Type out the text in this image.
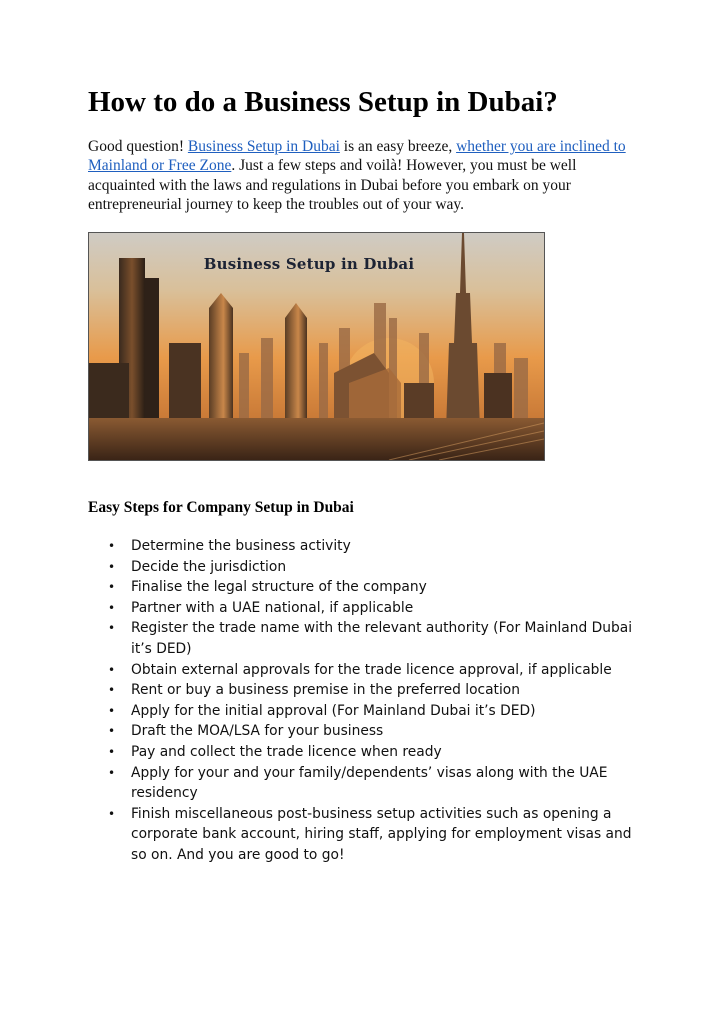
How to do a Business Setup in Dubai?

Good question! Business Setup in Dubai is an easy breeze, whether you are inclined to Mainland or Free Zone. Just a few steps and voilà! However, you must be well acquainted with the laws and regulations in Dubai before you embark on your entrepreneurial journey to keep the troubles out of your way.

Business Setup in Dubai
Easy Steps for Company Setup in Dubai
• Determine the business activity
• Decide the jurisdiction
• Finalise the legal structure of the company
• Partner with a UAE national, if applicable
• Register the trade name with the relevant authority (For Mainland Dubai it’s DED)
• Obtain external approvals for the trade licence approval, if applicable
• Rent or buy a business premise in the preferred location
• Apply for the initial approval (For Mainland Dubai it’s DED)
• Draft the MOA/LSA for your business
• Pay and collect the trade licence when ready
• Apply for your and your family/dependents’ visas along with the UAE residency
• Finish miscellaneous post-business setup activities such as opening a corporate bank account, hiring staff, applying for employment visas and so on. And you are good to go!
